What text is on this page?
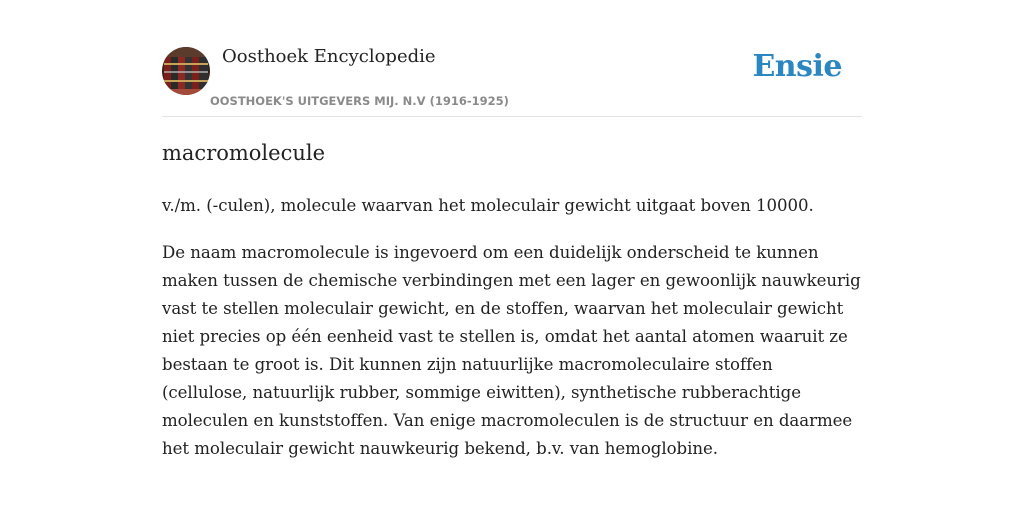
Oosthoek Encyclopedie
OOSTHOEK'S UITGEVERS MIJ. N.V (1916-1925)
Ensie
macromolecule

v./m. (-culen), molecule waarvan het moleculair gewicht uitgaat boven 10000.

De naam macromolecule is ingevoerd om een duidelijk onderscheid te kunnen
maken tussen de chemische verbindingen met een lager en gewoonlijk nauwkeurig
vast te stellen moleculair gewicht, en de stoffen, waarvan het moleculair gewicht
niet precies op één eenheid vast te stellen is, omdat het aantal atomen waaruit ze
bestaan te groot is. Dit kunnen zijn natuurlijke macromoleculaire stoffen
(cellulose, natuurlijk rubber, sommige eiwitten), synthetische rubberachtige
moleculen en kunststoffen. Van enige macromoleculen is de structuur en daarmee
het moleculair gewicht nauwkeurig bekend, b.v. van hemoglobine.
